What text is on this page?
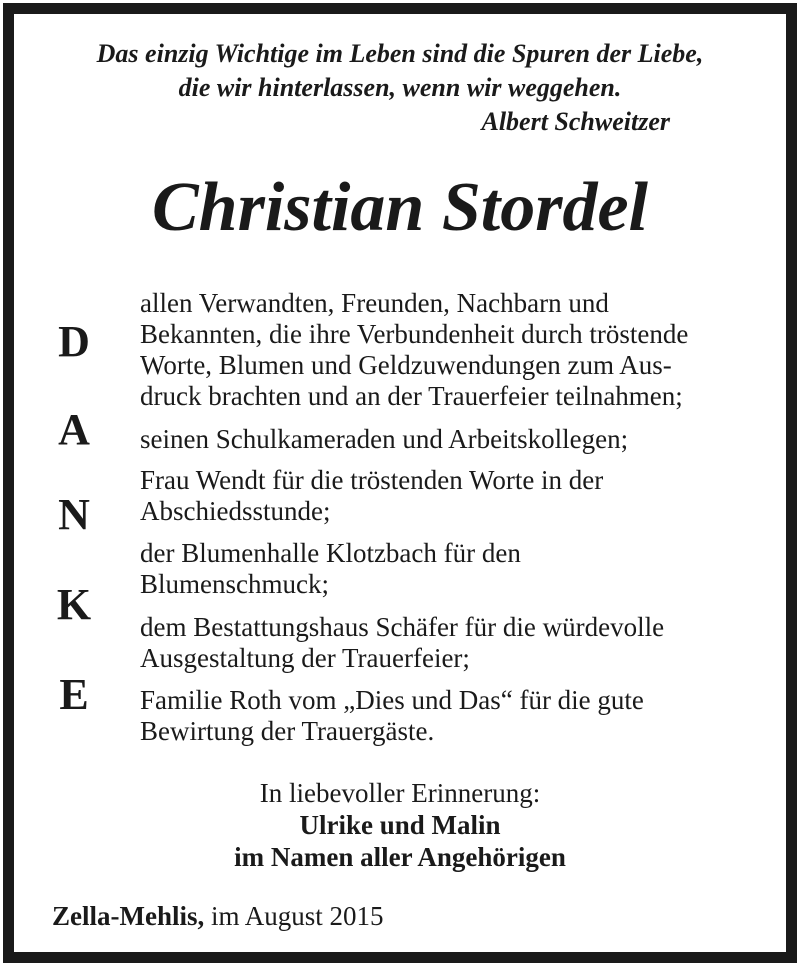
Das einzig Wichtige im Leben sind die Spuren der Liebe,
die wir hinterlassen, wenn wir weggehen.
Albert Schweitzer
Christian Stordel
D
A
N
K
E
allen Verwandten, Freunden, Nachbarn und
Bekannten, die ihre Verbundenheit durch tröstende
Worte, Blumen und Geldzuwendungen zum Aus-
druck brachten und an der Trauerfeier teilnahmen;
seinen Schulkameraden und Arbeitskollegen;
Frau Wendt für die tröstenden Worte in der
Abschiedsstunde;
der Blumenhalle Klotzbach für den
Blumenschmuck;
dem Bestattungshaus Schäfer für die würdevolle
Ausgestaltung der Trauerfeier;
Familie Roth vom „Dies und Das“ für die gute
Bewirtung der Trauergäste.
In liebevoller Erinnerung:
Ulrike und Malin
im Namen aller Angehörigen
Zella-Mehlis, im August 2015
